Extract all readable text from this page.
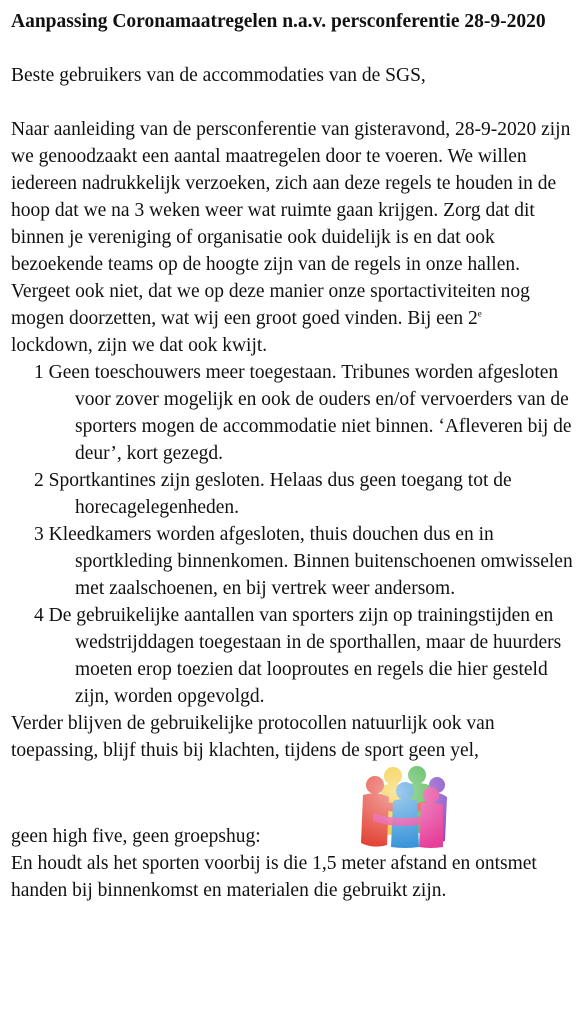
Aanpassing Coronamaatregelen n.a.v. persconferentie 28-9-2020

Beste gebruikers van de accommodaties van de SGS,

Naar aanleiding van de persconferentie van gisteravond, 28-9-2020 zijn we genoodzaakt een aantal maatregelen door te voeren. We willen iedereen nadrukkelijk verzoeken, zich aan deze regels te houden in de hoop dat we na 3 weken weer wat ruimte gaan krijgen. Zorg dat dit binnen je vereniging of organisatie ook duidelijk is en dat ook bezoekende teams op de hoogte zijn van de regels in onze hallen. Vergeet ook niet, dat we op deze manier onze sportactiviteiten nog mogen doorzetten, wat wij een groot goed vinden. Bij een 2e
lockdown, zijn we dat ook kwijt.

1 Geen toeschouwers meer toegestaan. Tribunes worden afgesloten voor zover mogelijk en ook de ouders en/of vervoerders van de sporters mogen de accommodatie niet binnen. ‘Afleveren bij de deur’, kort gezegd.
2 Sportkantines zijn gesloten. Helaas dus geen toegang tot de horecagelegenheden.
3 Kleedkamers worden afgesloten, thuis douchen dus en in sportkleding binnenkomen. Binnen buitenschoenen omwisselen met zaalschoenen, en bij vertrek weer andersom.
4 De gebruikelijke aantallen van sporters zijn op trainingstijden en wedstrijddagen toegestaan in de sporthallen, maar de huurders moeten erop toezien dat looproutes en regels die hier gesteld zijn, worden opgevolgd.

Verder blijven de gebruikelijke protocollen natuurlijk ook van toepassing, blijf thuis bij klachten, tijdens de sport geen yel,

geen high five, geen groepshug:

En houdt als het sporten voorbij is die 1,5 meter afstand en ontsmet handen bij binnenkomst en materialen die gebruikt zijn.
